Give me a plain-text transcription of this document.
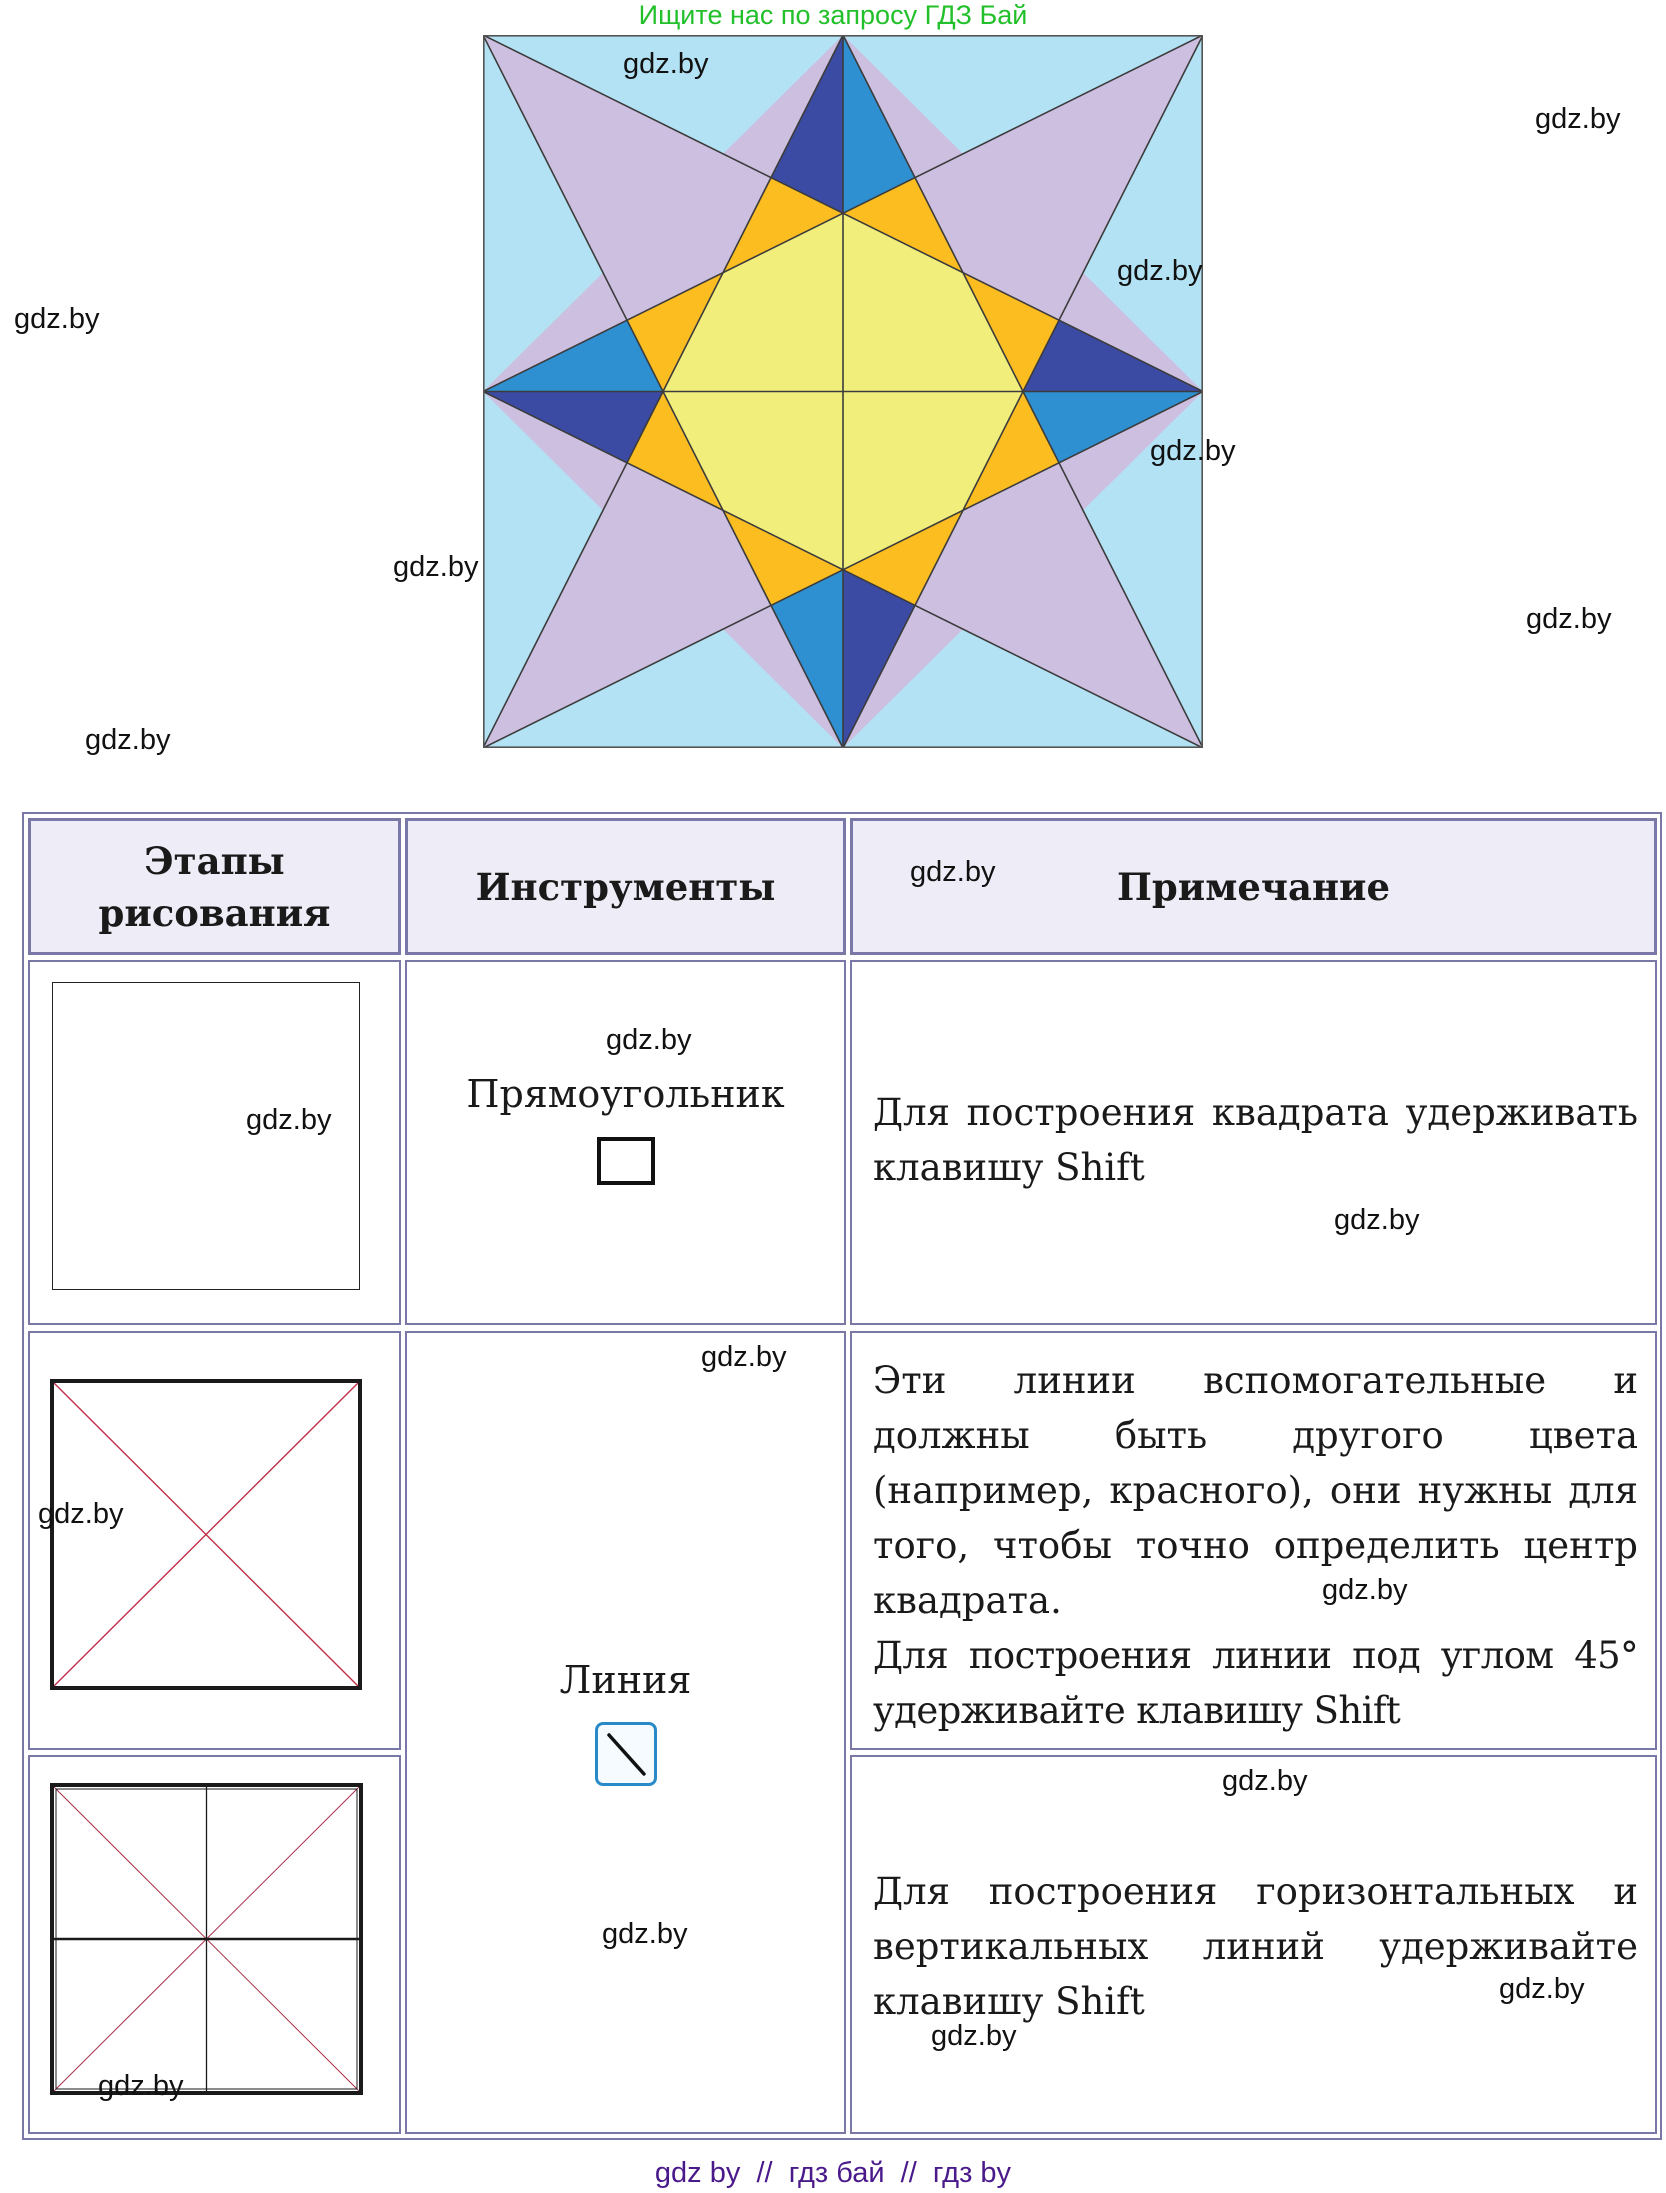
Ищите нас по запросу ГДЗ Бай
Этапы рисования
Инструменты	Примечание
Прямоугольник	Для построения квадрата удерживать клавишу Shift
Линия
Эти линии вспомогательные и должны быть другого цвета (например, красного), они нужны для того, чтобы точно определить центр квадрата.
Для построения линии под углом 45° удерживайте клавишу Shift
Для построения горизонтальных и вертикальных линий удерживайте клавишу Shift
gdz.by
gdz.by
gdz.by
gdz.by
gdz.by
gdz.by
gdz.by
gdz.by
gdz.by
gdz.by
gdz.by
gdz.by
gdz.by
gdz.by
gdz.by
gdz.by
gdz.by
gdz.by
gdz.by
gdz.by
gdz by  //  гдз бай  //  гдз by
